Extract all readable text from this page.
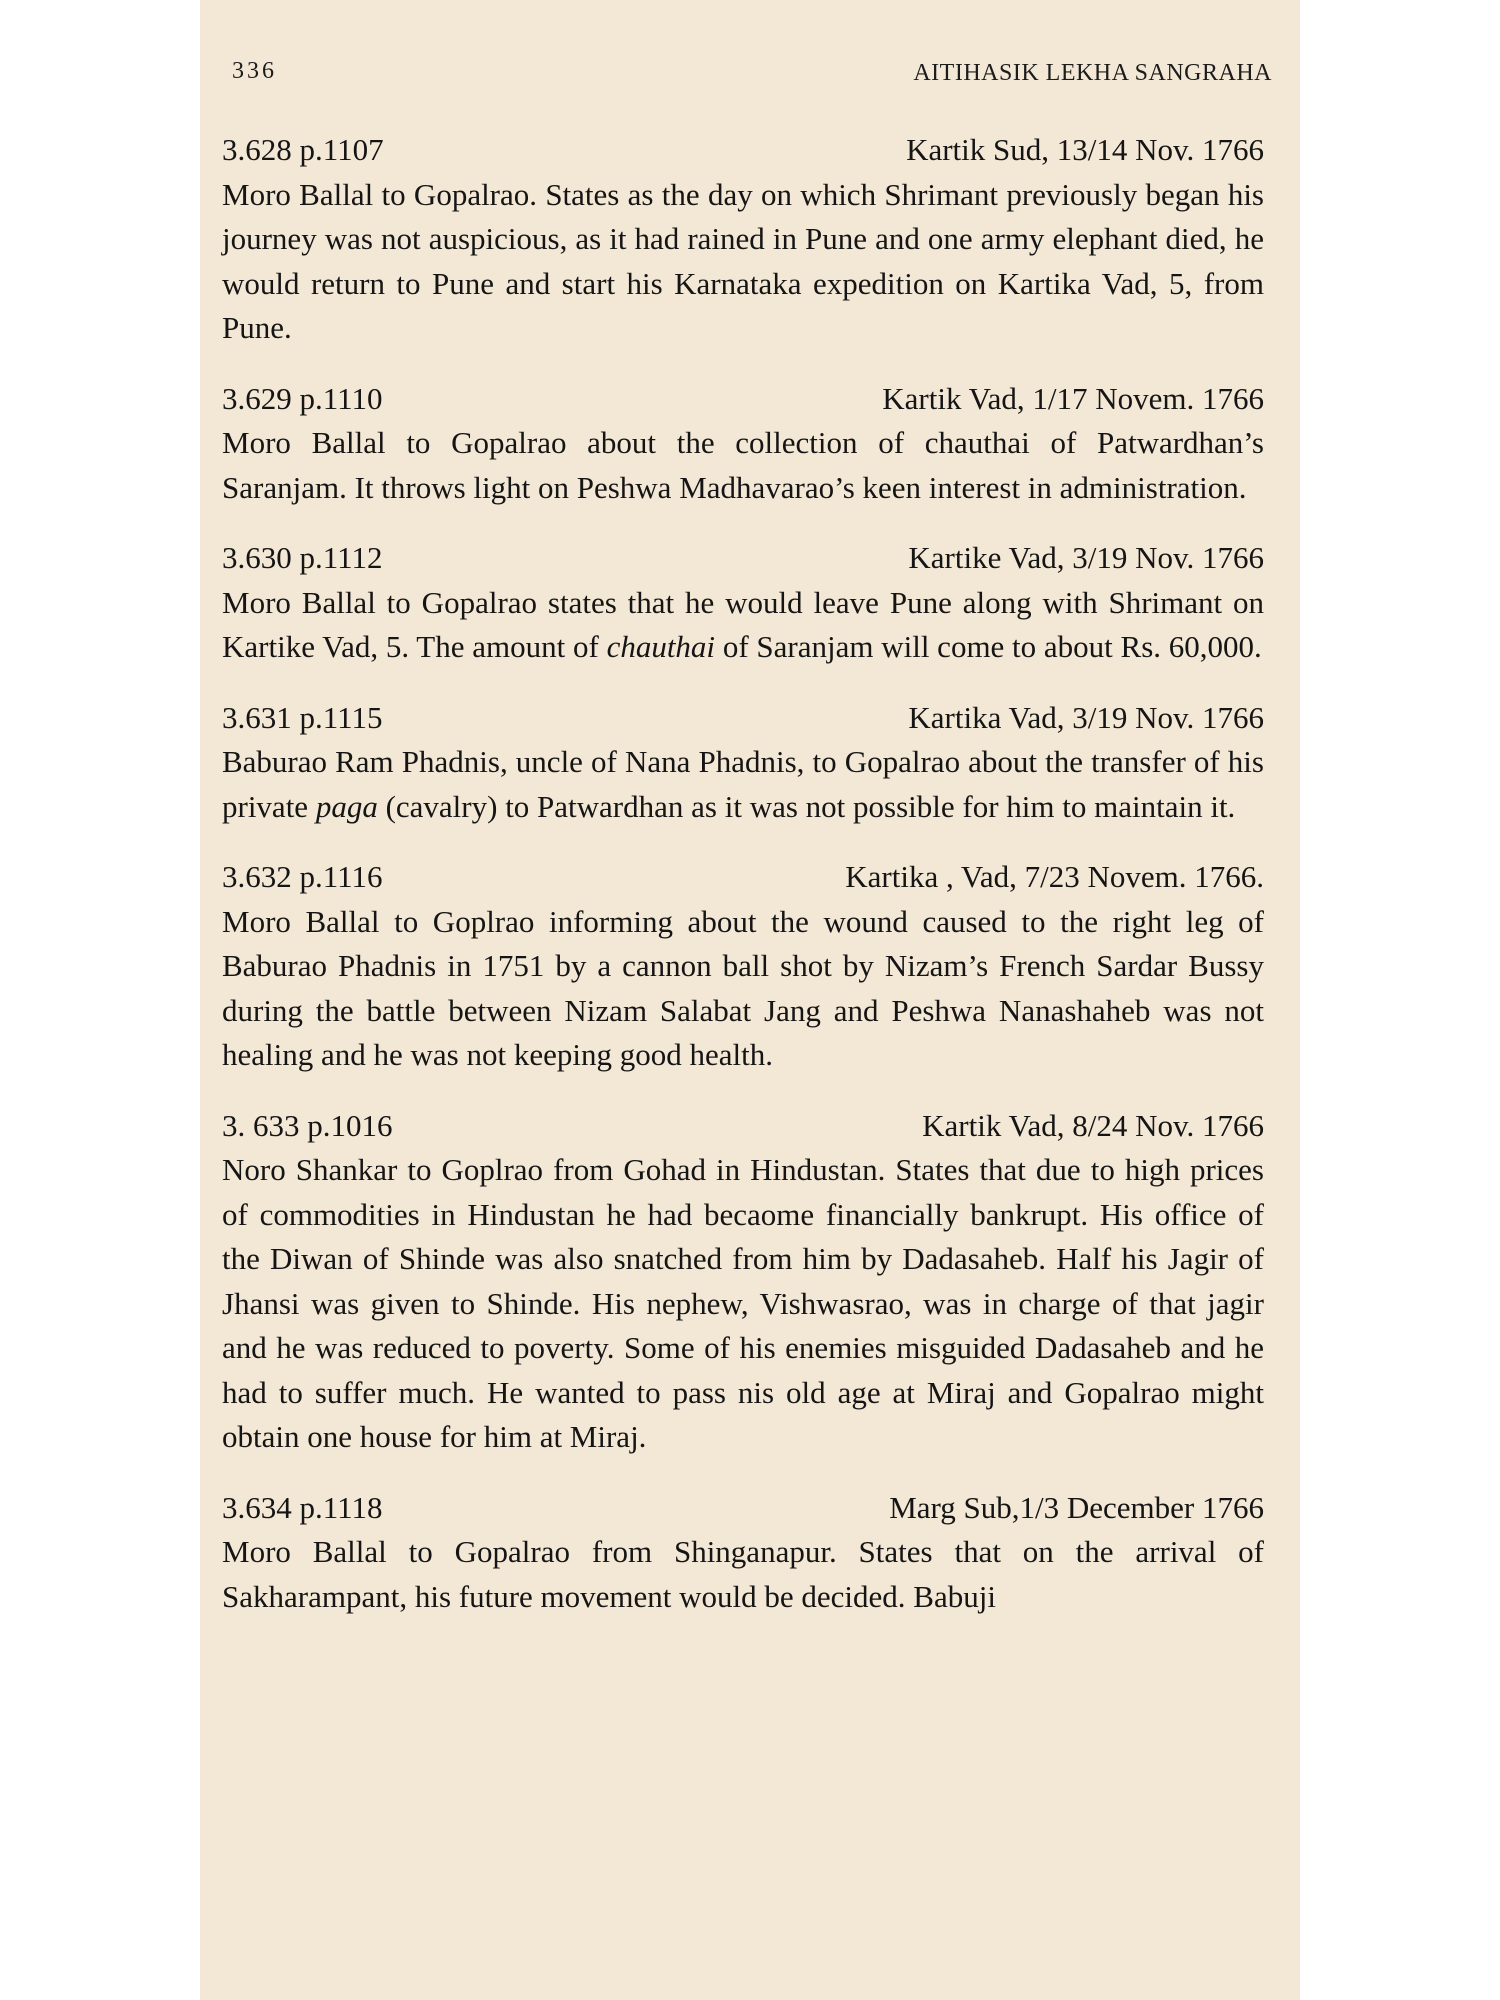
336	AITIHASIK LEKHA SANGRAHA
3.628 p.1107	Kartik Sud, 13/14 Nov. 1766
Moro Ballal to Gopalrao. States as the day on which Shrimant previously began his journey was not auspicious, as it had rained in Pune and one army elephant died, he would return to Pune and start his Karnataka expedition on Kartika Vad, 5, from Pune.
3.629 p.1110	Kartik Vad, 1/17 Novem. 1766
Moro Ballal to Gopalrao about the collection of chauthai of Patwardhan’s Saranjam. It throws light on Peshwa Madhavarao’s keen interest in administration.
3.630 p.1112	Kartike Vad, 3/19 Nov. 1766
Moro Ballal to Gopalrao states that he would leave Pune along with Shrimant on Kartike Vad, 5. The amount of chauthai of Saranjam will come to about Rs. 60,000.
3.631 p.1115	Kartika Vad, 3/19 Nov. 1766
Baburao Ram Phadnis, uncle of Nana Phadnis, to Gopalrao about the transfer of his private paga (cavalry) to Patwardhan as it was not possible for him to maintain it.
3.632 p.1116	Kartika , Vad, 7/23 Novem. 1766.
Moro Ballal to Goplrao informing about the wound caused to the right leg of Baburao Phadnis in 1751 by a cannon ball shot by Nizam’s French Sardar Bussy during the battle between Nizam Salabat Jang and Peshwa Nanashaheb was not healing and he was not keeping good health.
3. 633 p.1016	Kartik Vad, 8/24 Nov. 1766
Noro Shankar to Goplrao from Gohad in Hindustan. States that due to high prices of commodities in Hindustan he had becaome financially bankrupt. His office of the Diwan of Shinde was also snatched from him by Dadasaheb. Half his Jagir of Jhansi was given to Shinde. His nephew, Vishwasrao, was in charge of that jagir and he was reduced to poverty. Some of his enemies misguided Dadasaheb and he had to suffer much. He wanted to pass nis old age at Miraj and Gopalrao might obtain one house for him at Miraj.
3.634 p.1118	Marg Sub,1/3 December 1766
Moro Ballal to Gopalrao from Shinganapur. States that on the arrival of Sakharampant, his future movement would be decided. Babuji
